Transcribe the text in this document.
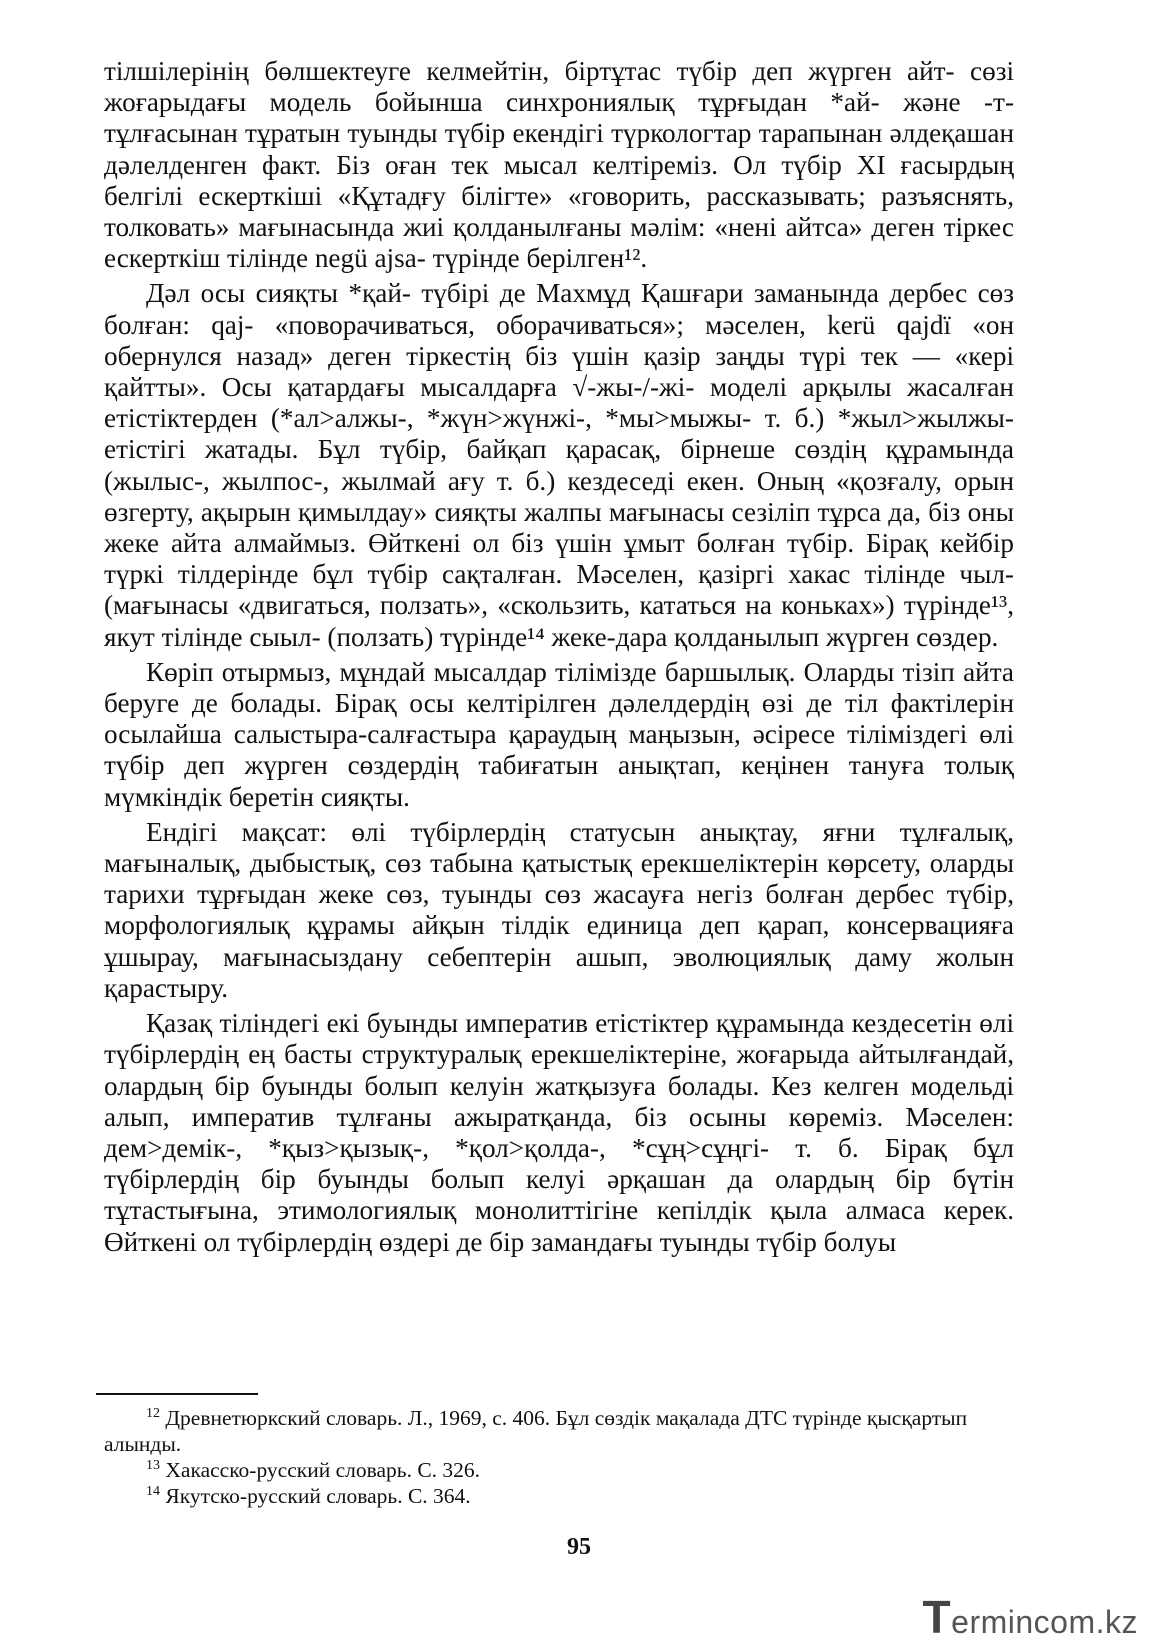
тілшілерінің бөлшектеуге келмейтін, біртұтас түбір деп жүрген айт- сөзі жоғарыдағы модель бойынша синхрониялық тұрғыдан *ай- және -т- тұлғасынан тұратын туынды түбір екендігі түркологтар тарапынан әлдеқашан дәлелденген факт. Біз оған тек мысал келтіреміз. Ол түбір XI ғасырдың белгілі ескерткіші «Құтадғу білігте» «говорить, рассказывать; разъяснять, толковать» мағынасында жиі қолданылғаны мәлім: «нені айтса» деген тіркес ескерткіш тілінде negü ajsa- түрінде берілген¹².

Дәл осы сияқты *қай- түбірі де Махмұд Қашғари заманында дербес сөз болған: qaj- «поворачиваться, оборачиваться»; мәселен, kerü qajdï «он обернулся назад» деген тіркестің біз үшін қазір заңды түрі тек — «кері қайтты». Осы қатардағы мысалдарға √-жы-/-жі- моделі арқылы жасалған етістіктерден (*ал>алжы-, *жүн>жүнжі-, *мы>мыжы- т. б.) *жыл>жылжы- етістігі жатады. Бұл түбір, байқап қарасақ, бірнеше сөздің құрамында (жылыс-, жылпос-, жылмай ағу т. б.) кездеседі екен. Оның «қозғалу, орын өзгерту, ақырын қимылдау» сияқты жалпы мағынасы сезіліп тұрса да, біз оны жеке айта алмаймыз. Өйткені ол біз үшін ұмыт болған түбір. Бірақ кейбір түркі тілдерінде бұл түбір сақталған. Мәселен, қазіргі хакас тілінде чыл- (мағынасы «двигаться, ползать», «скользить, кататься на коньках») түрінде¹³, якут тілінде сыыл- (ползать) түрінде¹⁴ жеке-дара қолданылып жүрген сөздер.

Көріп отырмыз, мұндай мысалдар тілімізде баршылық. Оларды тізіп айта беруге де болады. Бірақ осы келтірілген дәлелдердің өзі де тіл фактілерін осылайша салыстыра-салғастыра қараудың маңызын, әсіресе тіліміздегі өлі түбір деп жүрген сөздердің табиғатын анықтап, кеңінен тануға толық мүмкіндік беретін сияқты.

Ендігі мақсат: өлі түбірлердің статусын анықтау, яғни тұлғалық, мағыналық, дыбыстық, сөз табына қатыстық ерекшеліктерін көрсету, оларды тарихи тұрғыдан жеке сөз, туынды сөз жасауға негіз болған дербес түбір, морфологиялық құрамы айқын тілдік единица деп қарап, консервацияға ұшырау, мағынасыздану себептерін ашып, эволюциялық даму жолын қарастыру.

Қазақ тіліндегі екі буынды императив етістіктер құрамында кездесетін өлі түбірлердің ең басты структуралық ерекшеліктеріне, жоғарыда айтылғандай, олардың бір буынды болып келуін жатқызуға болады. Кез келген модельді алып, императив тұлғаны ажыратқанда, біз осыны көреміз. Мәселен: дем>демік-, *қыз>қызық-, *қол>қолда-, *сұң>сұңгі- т. б. Бірақ бұл түбірлердің бір буынды болып келуі әрқашан да олардың бір бүтін тұтастығына, этимологиялық монолиттігіне кепілдік қыла алмаса керек. Өйткені ол түбірлердің өздері де бір замандағы туынды түбір болуы

$^{12}$ Древнетюркский словарь. Л., 1969, с. 406. Бұл сөздік мақалада ДТС түрінде қысқартып алынды.

$^{13}$ Хакасско-русский словарь. С. 326.

$^{14}$ Якутско-русский словарь. С. 364.

95
Termincom.kz
